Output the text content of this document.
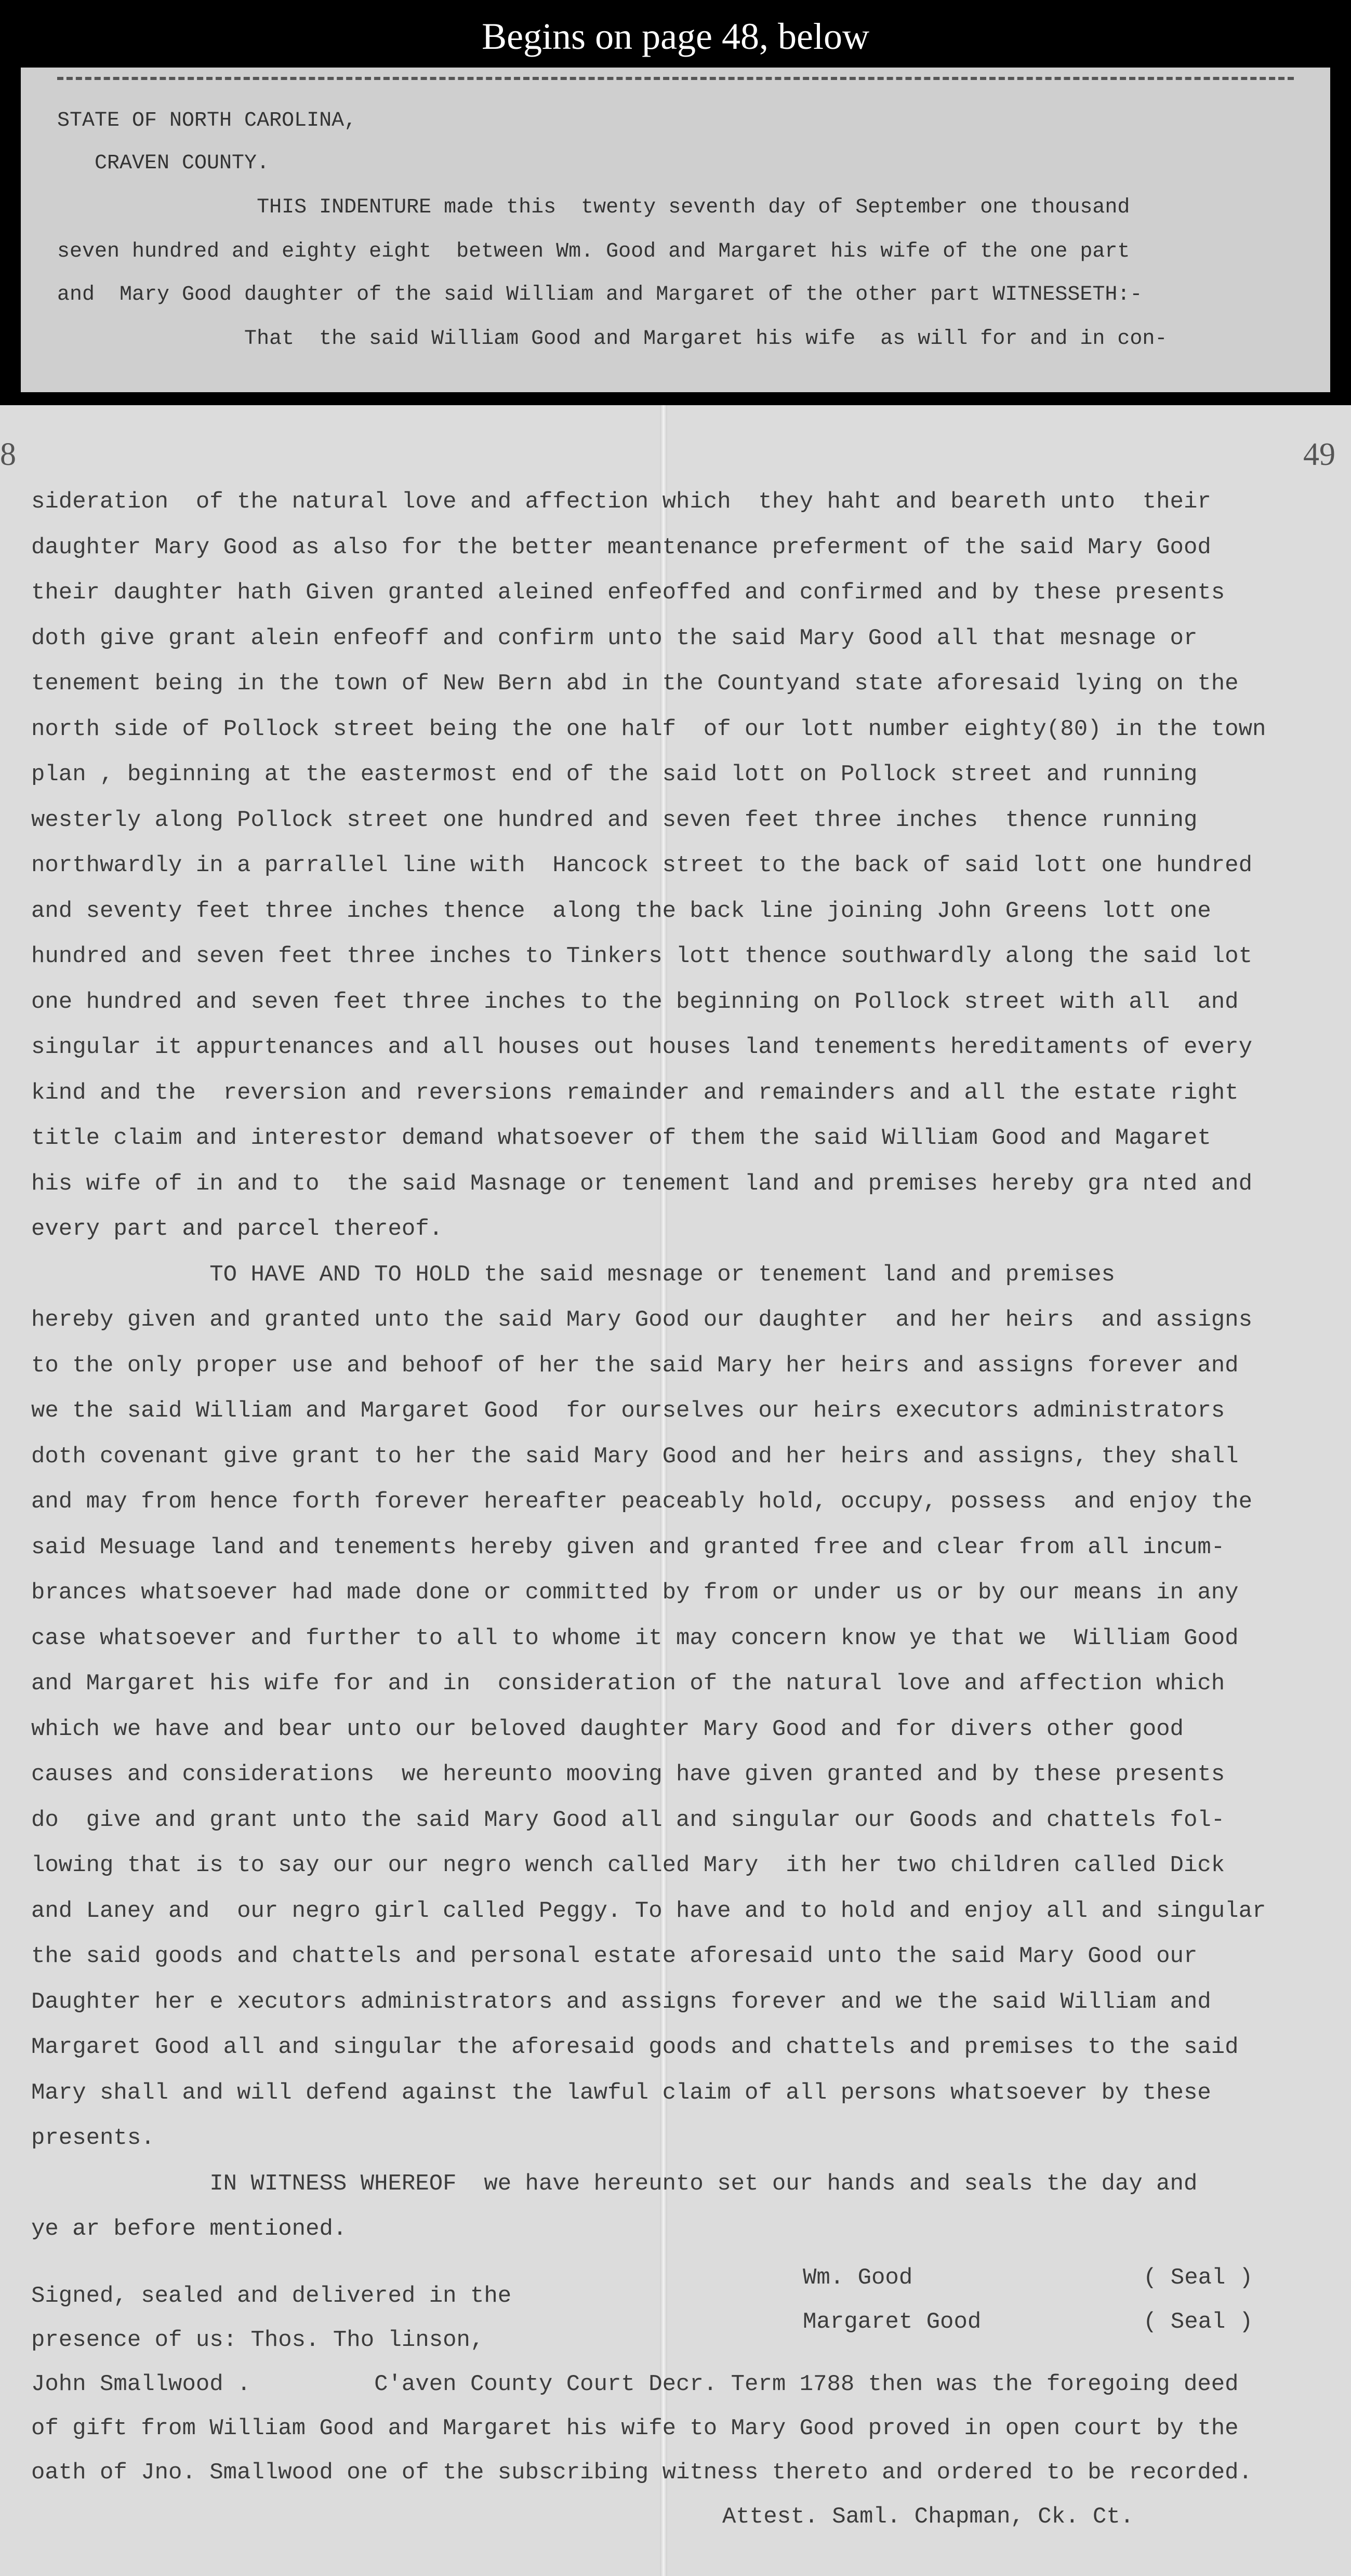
Begins on page 48, below
STATE OF NORTH CAROLINA,
CRAVEN COUNTY.
THIS INDENTURE made this  twenty seventh day of September one thousand
seven hundred and eighty eight  between Wm. Good and Margaret his wife of the one part
and  Mary Good daughter of the said William and Margaret of the other part WITNESSETH:-
That  the said William Good and Margaret his wife  as will for and in con-
8	49
sideration  of the natural love and affection which  they haht and beareth unto  their
daughter Mary Good as also for the better meantenance preferment of the said Mary Good
their daughter hath Given granted aleined enfeoffed and confirmed and by these presents
doth give grant alein enfeoff and confirm unto the said Mary Good all that mesnage or
tenement being in the town of New Bern abd in the Countyand state aforesaid lying on the
north side of Pollock street being the one half  of our lott number eighty(80) in the town
plan , beginning at the eastermost end of the said lott on Pollock street and running
westerly along Pollock street one hundred and seven feet three inches  thence running
northwardly in a parrallel line with  Hancock street to the back of said lott one hundred
and seventy feet three inches thence  along the back line joining John Greens lott one
hundred and seven feet three inches to Tinkers lott thence southwardly along the said lot
one hundred and seven feet three inches to the beginning on Pollock street with all  and
singular it appurtenances and all houses out houses land tenements hereditaments of every
kind and the  reversion and reversions remainder and remainders and all the estate right
title claim and interestor demand whatsoever of them the said William Good and Magaret
his wife of in and to  the said Masnage or tenement land and premises hereby gra nted and
every part and parcel thereof.
TO HAVE AND TO HOLD the said mesnage or tenement land and premises
hereby given and granted unto the said Mary Good our daughter  and her heirs  and assigns
to the only proper use and behoof of her the said Mary her heirs and assigns forever and
we the said William and Margaret Good  for ourselves our heirs executors administrators
doth covenant give grant to her the said Mary Good and her heirs and assigns, they shall
and may from hence forth forever hereafter peaceably hold, occupy, possess  and enjoy the
said Mesuage land and tenements hereby given and granted free and clear from all incum-
brances whatsoever had made done or committed by from or under us or by our means in any
case whatsoever and further to all to whome it may concern know ye that we  William Good
and Margaret his wife for and in  consideration of the natural love and affection which
which we have and bear unto our beloved daughter Mary Good and for divers other good
causes and considerations  we hereunto mooving have given granted and by these presents
do  give and grant unto the said Mary Good all and singular our Goods and chattels fol-
lowing that is to say our our negro wench called Mary  ith her two children called Dick
and Laney and  our negro girl called Peggy. To have and to hold and enjoy all and singular
the said goods and chattels and personal estate aforesaid unto the said Mary Good our
Daughter her e xecutors administrators and assigns forever and we the said William and
Margaret Good all and singular the aforesaid goods and chattels and premises to the said
Mary shall and will defend against the lawful claim of all persons whatsoever by these
presents.
IN WITNESS WHEREOF  we have hereunto set our hands and seals the day and
ye ar before mentioned.
Wm. Good	( Seal )
Signed, sealed and delivered in the
Margaret Good	( Seal )
presence of us: Thos. Tho linson,
John Smallwood .         C'aven County Court Decr. Term 1788 then was the foregoing deed
of gift from William Good and Margaret his wife to Mary Good proved in open court by the
oath of Jno. Smallwood one of the subscribing witness thereto and ordered to be recorded.
Attest. Saml. Chapman, Ck. Ct.
